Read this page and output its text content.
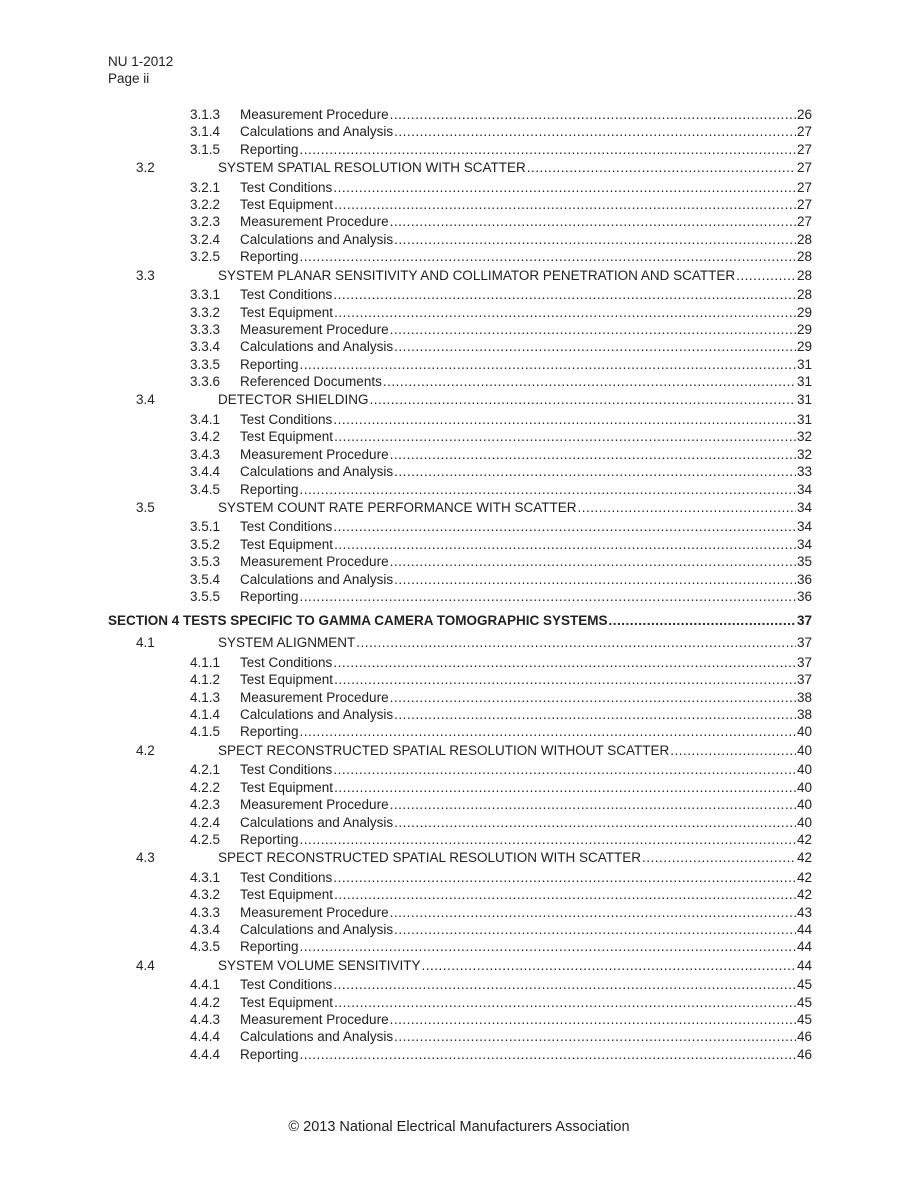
NU 1-2012
Page ii
3.1.3	Measurement Procedure .....	26
3.1.4	Calculations and Analysis .....	27
3.1.5	Reporting .....	27
3.2	SYSTEM SPATIAL RESOLUTION WITH SCATTER .....	27
3.2.1	Test Conditions .....	27
3.2.2	Test Equipment .....	27
3.2.3	Measurement Procedure .....	27
3.2.4	Calculations and Analysis .....	28
3.2.5	Reporting .....	28
3.3	SYSTEM PLANAR SENSITIVITY AND COLLIMATOR PENETRATION AND SCATTER .....	28
3.3.1	Test Conditions .....	28
3.3.2	Test Equipment .....	29
3.3.3	Measurement Procedure .....	29
3.3.4	Calculations and Analysis .....	29
3.3.5	Reporting .....	31
3.3.6	Referenced Documents .....	31
3.4	DETECTOR SHIELDING .....	31
3.4.1	Test Conditions .....	31
3.4.2	Test Equipment .....	32
3.4.3	Measurement Procedure .....	32
3.4.4	Calculations and Analysis .....	33
3.4.5	Reporting .....	34
3.5	SYSTEM COUNT RATE PERFORMANCE WITH SCATTER .....	34
3.5.1	Test Conditions .....	34
3.5.2	Test Equipment .....	34
3.5.3	Measurement Procedure .....	35
3.5.4	Calculations and Analysis .....	36
3.5.5	Reporting .....	36
SECTION 4 TESTS SPECIFIC TO GAMMA CAMERA TOMOGRAPHIC SYSTEMS .....	37
4.1	SYSTEM ALIGNMENT .....	37
4.1.1	Test Conditions .....	37
4.1.2	Test Equipment .....	37
4.1.3	Measurement Procedure .....	38
4.1.4	Calculations and Analysis .....	38
4.1.5	Reporting .....	40
4.2	SPECT RECONSTRUCTED SPATIAL RESOLUTION WITHOUT SCATTER .....	40
4.2.1	Test Conditions .....	40
4.2.2	Test Equipment .....	40
4.2.3	Measurement Procedure .....	40
4.2.4	Calculations and Analysis .....	40
4.2.5	Reporting .....	42
4.3	SPECT RECONSTRUCTED SPATIAL RESOLUTION WITH SCATTER .....	42
4.3.1	Test Conditions .....	42
4.3.2	Test Equipment .....	42
4.3.3	Measurement Procedure .....	43
4.3.4	Calculations and Analysis .....	44
4.3.5	Reporting .....	44
4.4	SYSTEM VOLUME SENSITIVITY .....	44
4.4.1	Test Conditions .....	45
4.4.2	Test Equipment .....	45
4.4.3	Measurement Procedure .....	45
4.4.4	Calculations and Analysis .....	46
4.4.4	Reporting .....	46
© 2013 National Electrical Manufacturers Association
